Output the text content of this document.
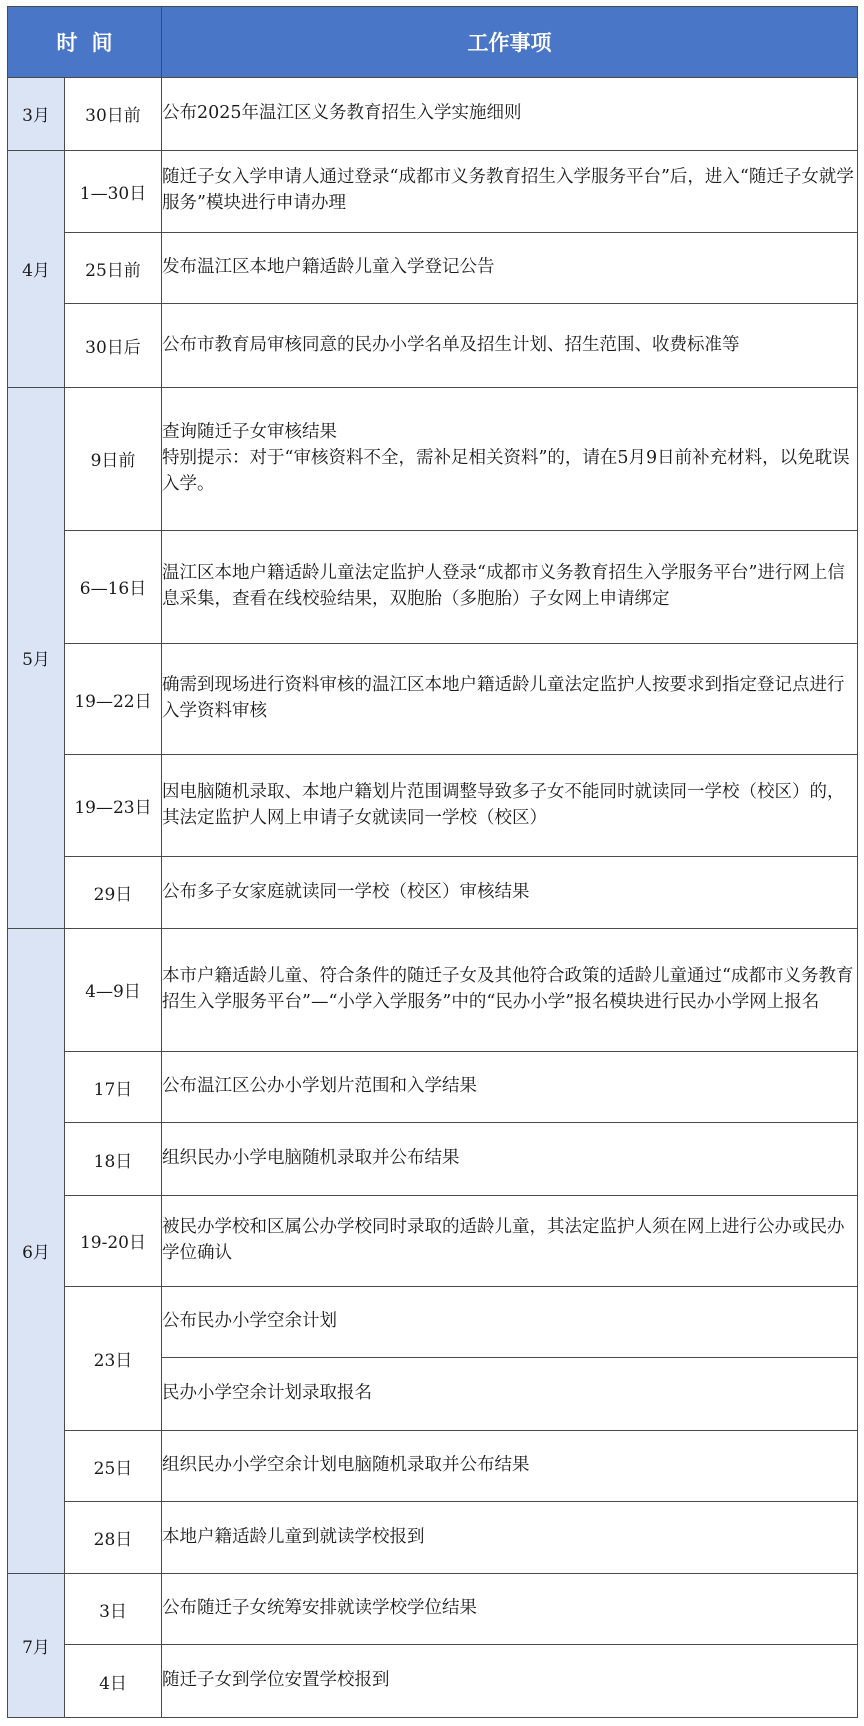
时间		工作事项
3月	30日前	公布2025年温江区义务教育招生入学实施细则

4月	1—30日	随迁子女入学申请人通过登录“成都市义务教育招生入学服务平台”后，进入“随迁子女就学服务”模块进行申请办理

	25日前	发布温江区本地户籍适龄儿童入学登记公告

	30日后	公布市教育局审核同意的民办小学名单及招生计划、招生范围、收费标准等

5月	9日前	查询随迁子女审核结果
特别提示：对于“审核资料不全，需补足相关资料”的，请在5月9日前补充材料，以免耽误入学。

	6—16日	温江区本地户籍适龄儿童法定监护人登录“成都市义务教育招生入学服务平台”进行网上信息采集，查看在线校验结果，双胞胎（多胞胎）子女网上申请绑定

	19—22日	确需到现场进行资料审核的温江区本地户籍适龄儿童法定监护人按要求到指定登记点进行入学资料审核

	19—23日	因电脑随机录取、本地户籍划片范围调整导致多子女不能同时就读同一学校（校区）的，其法定监护人网上申请子女就读同一学校（校区）

	29日	公布多子女家庭就读同一学校（校区）审核结果

6月	4—9日	本市户籍适龄儿童、符合条件的随迁子女及其他符合政策的适龄儿童通过“成都市义务教育招生入学服务平台”—“小学入学服务”中的“民办小学”报名模块进行民办小学网上报名

	17日	公布温江区公办小学划片范围和入学结果

	18日	组织民办小学电脑随机录取并公布结果

	19-20日	被民办学校和区属公办学校同时录取的适龄儿童，其法定监护人须在网上进行公办或民办学位确认

	23日	公布民办小学空余计划

		民办小学空余计划录取报名

	25日	组织民办小学空余计划电脑随机录取并公布结果

	28日	本地户籍适龄儿童到就读学校报到

7月	3日	公布随迁子女统筹安排就读学校学位结果

	4日	随迁子女到学位安置学校报到
